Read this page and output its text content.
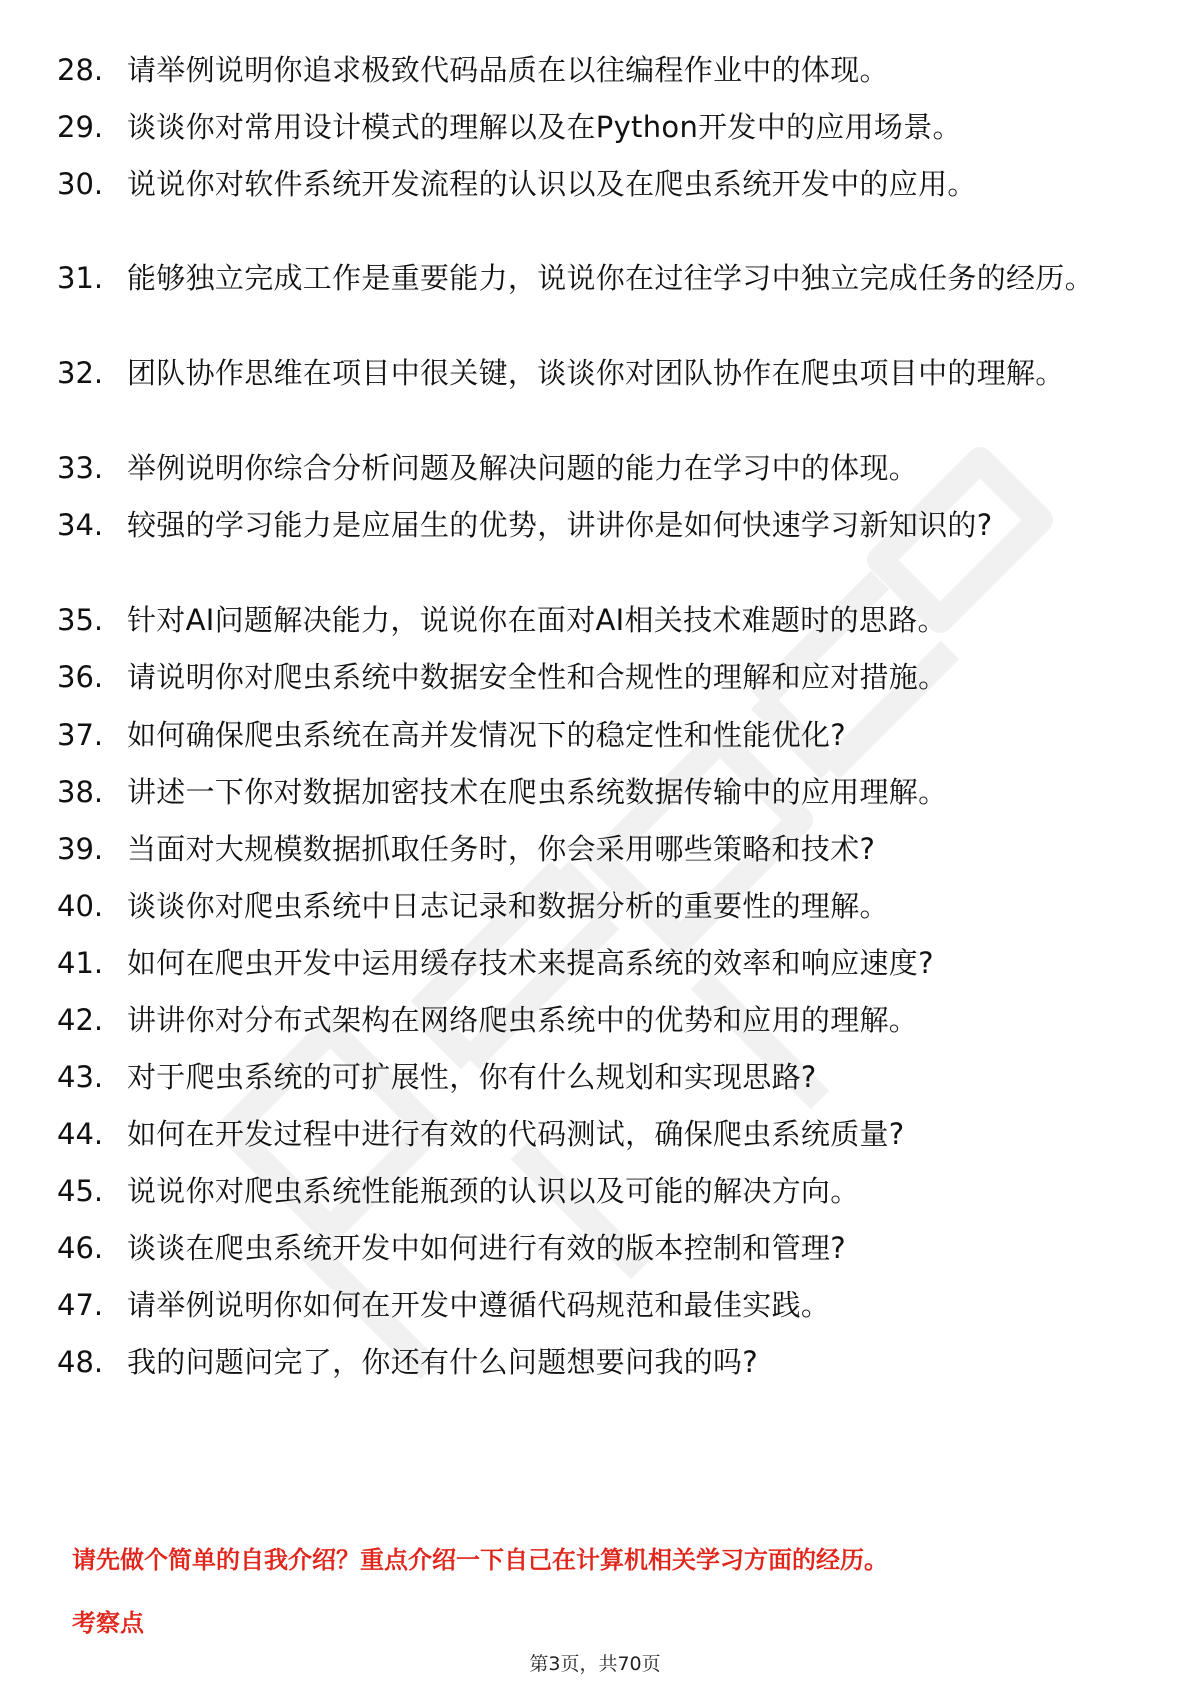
28. 请举例说明你追求极致代码品质在以往编程作业中的体现。
29. 谈谈你对常用设计模式的理解以及在Python开发中的应用场景。
30. 说说你对软件系统开发流程的认识以及在爬虫系统开发中的应用。
31. 能够独立完成工作是重要能力，说说你在过往学习中独立完成任务的经历。
32. 团队协作思维在项目中很关键，谈谈你对团队协作在爬虫项目中的理解。
33. 举例说明你综合分析问题及解决问题的能力在学习中的体现。
34. 较强的学习能力是应届生的优势，讲讲你是如何快速学习新知识的?
35. 针对AI问题解决能力，说说你在面对AI相关技术难题时的思路。
36. 请说明你对爬虫系统中数据安全性和合规性的理解和应对措施。
37. 如何确保爬虫系统在高并发情况下的稳定性和性能优化?
38. 讲述一下你对数据加密技术在爬虫系统数据传输中的应用理解。
39. 当面对大规模数据抓取任务时，你会采用哪些策略和技术?
40. 谈谈你对爬虫系统中日志记录和数据分析的重要性的理解。
41. 如何在爬虫开发中运用缓存技术来提高系统的效率和响应速度?
42. 讲讲你对分布式架构在网络爬虫系统中的优势和应用的理解。
43. 对于爬虫系统的可扩展性，你有什么规划和实现思路?
44. 如何在开发过程中进行有效的代码测试，确保爬虫系统质量?
45. 说说你对爬虫系统性能瓶颈的认识以及可能的解决方向。
46. 谈谈在爬虫系统开发中如何进行有效的版本控制和管理?
47. 请举例说明你如何在开发中遵循代码规范和最佳实践。
48. 我的问题问完了，你还有什么问题想要问我的吗?
请先做个简单的自我介绍？重点介绍一下自己在计算机相关学习方面的经历。
考察点
第3页，共70页
